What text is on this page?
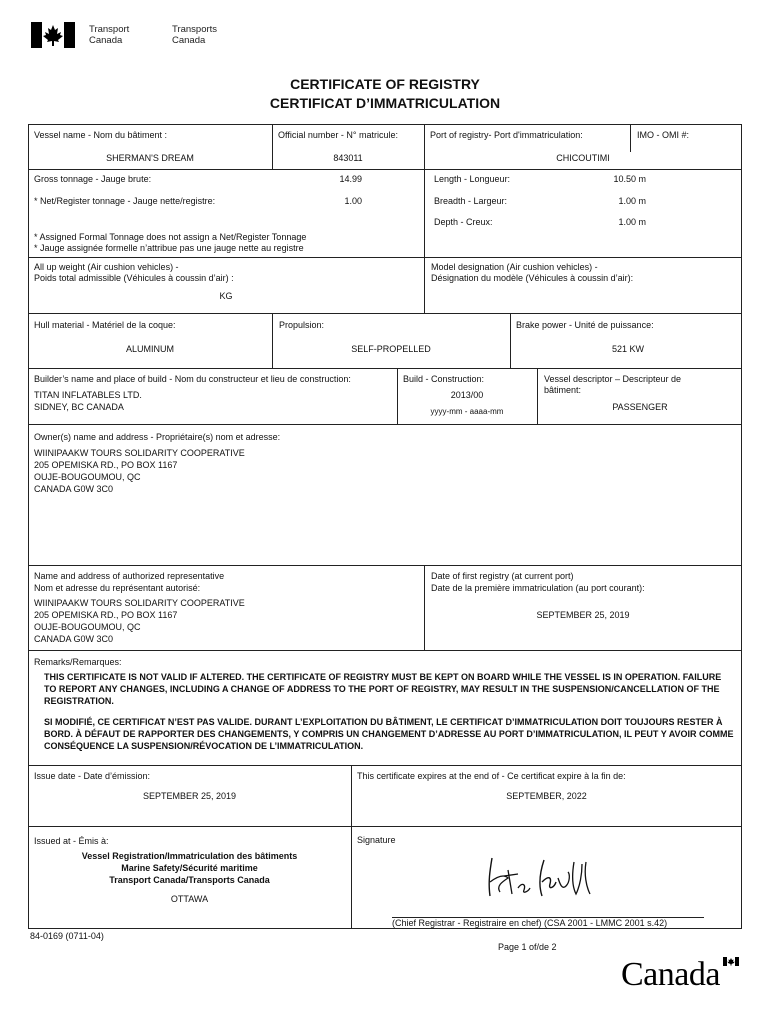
Transport
Canada
Transports
Canada
CERTIFICATE OF REGISTRY
CERTIFICAT D’IMMATRICULATION
Vessel name - Nom du bâtiment :
SHERMAN'S DREAM
Official number - N° matricule:
843011
Port of registry- Port d'immatriculation:
CHICOUTIMI
IMO - OMI #:
Gross tonnage - Jauge brute:	14.99
* Net/Register tonnage - Jauge nette/registre:	1.00
* Assigned Formal Tonnage does not assign a Net/Register Tonnage
* Jauge assignée formelle n’attribue pas une jauge nette au registre
Length - Longueur:	10.50 m
Breadth - Largeur:	1.00 m
Depth - Creux:	1.00 m
All up weight (Air cushion vehicles) -
Poids total admissible (Véhicules à coussin d’air) :
KG
Model designation (Air cushion vehicles) -
Désignation du modèle (Véhicules à coussin d’air):
Hull material - Matériel de la coque:
ALUMINUM
Propulsion:
SELF-PROPELLED
Brake power - Unité de puissance:
521 KW
Builder’s name and place of build - Nom du constructeur et lieu de construction:
TITAN INFLATABLES LTD.
SIDNEY, BC CANADA
Build - Construction:
2013/00
yyyy-mm - aaaa-mm
Vessel descriptor – Descripteur de
bâtiment:
PASSENGER
Owner(s) name and address - Propriétaire(s) nom et adresse:
WIINIPAAKW TOURS SOLIDARITY COOPERATIVE
205 OPEMISKA RD., PO BOX 1167
OUJE-BOUGOUMOU, QC
CANADA G0W 3C0
Name and address of authorized representative
Nom et adresse du représentant autorisé:
WIINIPAAKW TOURS SOLIDARITY COOPERATIVE
205 OPEMISKA RD., PO BOX 1167
OUJE-BOUGOUMOU, QC
CANADA G0W 3C0
Date of first registry (at current port)
Date de la première immatriculation (au port courant):
SEPTEMBER 25, 2019
Remarks/Remarques:
THIS CERTIFICATE IS NOT VALID IF ALTERED. THE CERTIFICATE OF REGISTRY MUST BE KEPT ON BOARD WHILE THE VESSEL IS IN OPERATION. FAILURE TO REPORT ANY CHANGES, INCLUDING A CHANGE OF ADDRESS TO THE PORT OF REGISTRY, MAY RESULT IN THE SUSPENSION/CANCELLATION OF THE REGISTRATION.
SI MODIFIÉ, CE CERTIFICAT N’EST PAS VALIDE. DURANT L’EXPLOITATION DU BÂTIMENT, LE CERTIFICAT D’IMMATRICULATION DOIT TOUJOURS RESTER À BORD. À DÉFAUT DE RAPPORTER DES CHANGEMENTS, Y COMPRIS UN CHANGEMENT D’ADRESSE AU PORT D’IMMATRICULATION, IL PEUT Y AVOIR COMME CONSÉQUENCE LA SUSPENSION/RÉVOCATION DE L’IMMATRICULATION.
Issue date - Date d’émission:
SEPTEMBER 25, 2019
This certificate expires at the end of - Ce certificat expire à la fin de:
SEPTEMBER, 2022
Issued at - Émis à:
Vessel Registration/Immatriculation des bâtiments
Marine Safety/Sécurité maritime
Transport Canada/Transports Canada
OTTAWA
Signature
(Chief Registrar - Registraire en chef) (CSA 2001 - LMMC 2001 s.42)
84-0169 (0711-04)
Page 1 of/de 2
Canada
